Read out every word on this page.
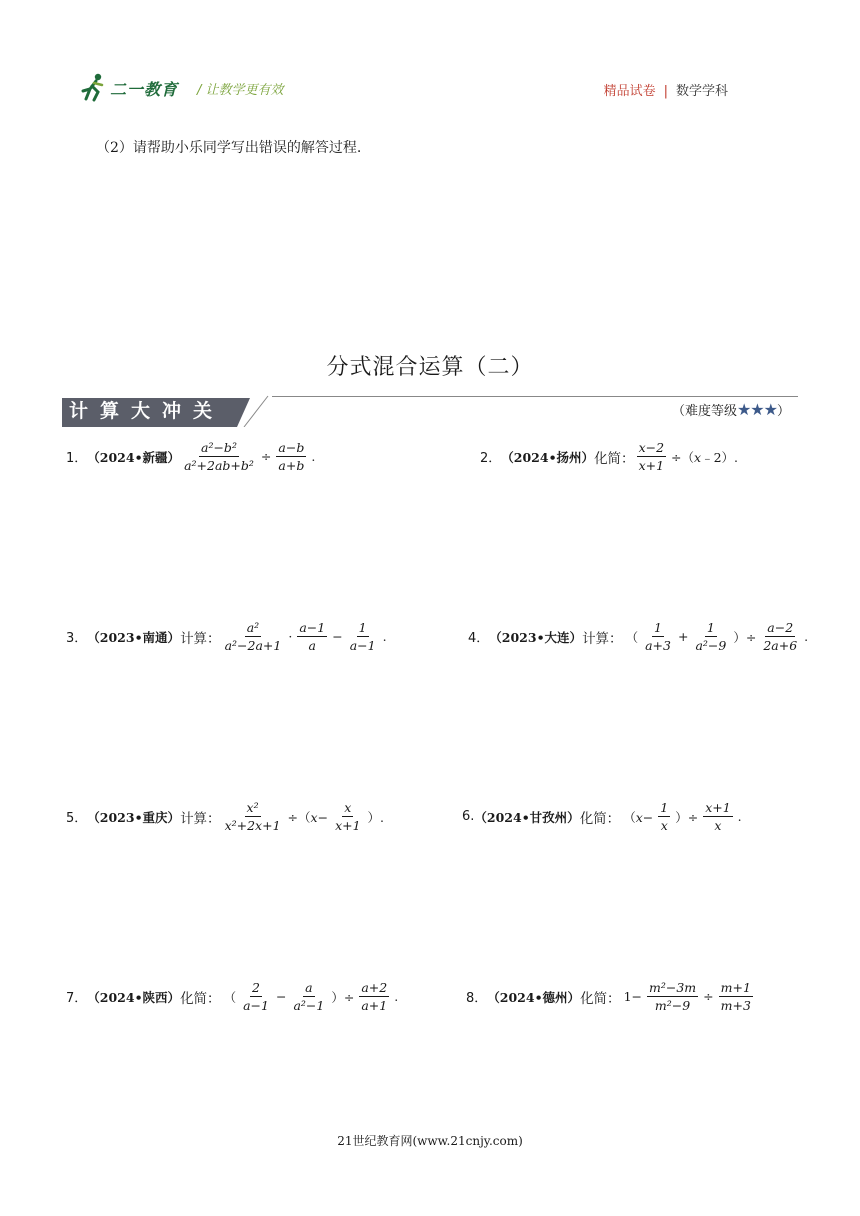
二一教育 / 让教学更有效	精品试卷 | 数学学科
（2）请帮助小乐同学写出错误的解答过程.
分式混合运算（二）
计 算 大 冲 关	（难度等级★★★）
1． （2024•新疆） $\frac{\text{a²−b²}}{\text{a²+2ab+b²}} \div \frac{a-b}{a+b}$ .	2． （2024•扬州） 化简： $\frac{x-2}{x+1}$ ÷（x﹣2）.
3． （2023•南通） 计算： $\frac{\text{a²}}{\text{a²−2a+1}} \cdot \frac{a-1}{a} - \frac{1}{a-1}$ .	4． （2023•大连） 计算： （ $\frac{1}{a+3} + \frac{1}{\text{a²−9}}$ ）÷ $\frac{a-2}{2a+6}$ .
5． （2023•重庆） 计算： $\frac{\text{x²}}{\text{x²+2x+1}} \div(x- \frac{x}{x+1}$ ）.	6. （2024•甘孜州） 化简： （$x- \frac{1}{x}$ ）÷ $\frac{x+1}{x}$ .
7． （2024•陕西） 化简： （ $\frac{2}{a-1} - \frac{a}{\text{a²−1}}$ ）÷ $\frac{a+2}{a+1}$ .	8． （2024•德州） 化简： $1- \frac{\text{m²−3m}}{\text{m²−9}} \div \frac{m+1}{m+3}$
21世纪教育网(www.21cnjy.com)
